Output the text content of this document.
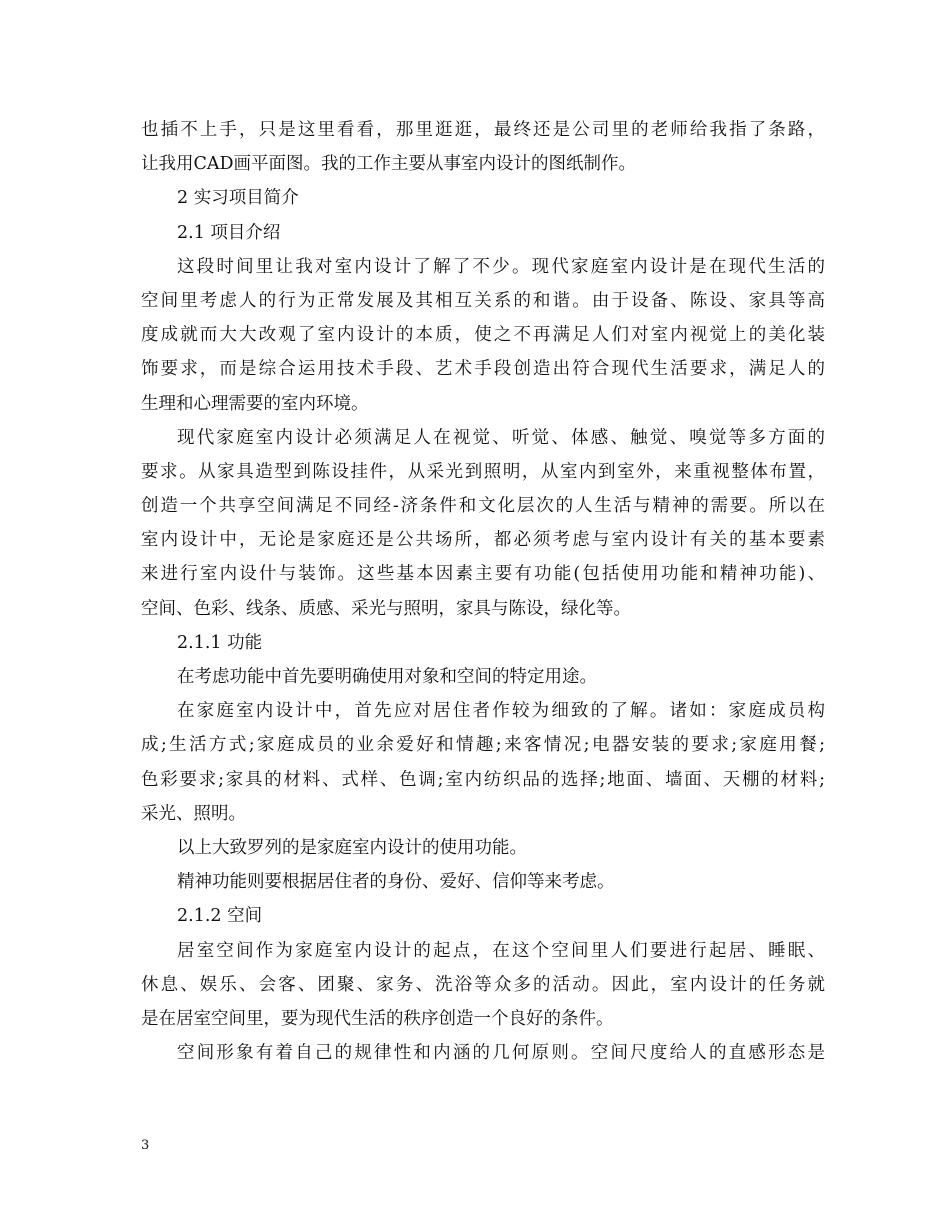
也插不上手，只是这里看看，那里逛逛，最终还是公司里的老师给我指了条路，
让我用CAD画平面图。我的工作主要从事室内设计的图纸制作。
2 实习项目简介
2.1 项目介绍
这段时间里让我对室内设计了解了不少。现代家庭室内设计是在现代生活的
空间里考虑人的行为正常发展及其相互关系的和谐。由于设备、陈设、家具等高
度成就而大大改观了室内设计的本质，使之不再满足人们对室内视觉上的美化装
饰要求，而是综合运用技术手段、艺术手段创造出符合现代生活要求，满足人的
生理和心理需要的室内环境。
现代家庭室内设计必须满足人在视觉、听觉、体感、触觉、嗅觉等多方面的
要求。从家具造型到陈设挂件，从采光到照明，从室内到室外，来重视整体布置，
创造一个共享空间满足不同经-济条件和文化层次的人生活与精神的需要。所以在
室内设计中，无论是家庭还是公共场所，都必须考虑与室内设计有关的基本要素
来进行室内设什与装饰。这些基本因素主要有功能(包括使用功能和精神功能)、
空间、色彩、线条、质感、采光与照明，家具与陈设，绿化等。
2.1.1 功能
在考虑功能中首先要明确使用对象和空间的特定用途。
在家庭室内设计中，首先应对居住者作较为细致的了解。诸如：家庭成员构
成;生活方式;家庭成员的业余爱好和情趣;来客情况;电器安装的要求;家庭用餐;
色彩要求;家具的材料、式样、色调;室内纺织品的选择;地面、墙面、天棚的材料;
采光、照明。
以上大致罗列的是家庭室内设计的使用功能。
精神功能则要根据居住者的身份、爱好、信仰等来考虑。
2.1.2 空间
居室空间作为家庭室内设计的起点，在这个空间里人们要进行起居、睡眠、
休息、娱乐、会客、团聚、家务、洗浴等众多的活动。因此，室内设计的任务就
是在居室空间里，要为现代生活的秩序创造一个良好的条件。
空间形象有着自己的规律性和内涵的几何原则。空间尺度给人的直感形态是
3
